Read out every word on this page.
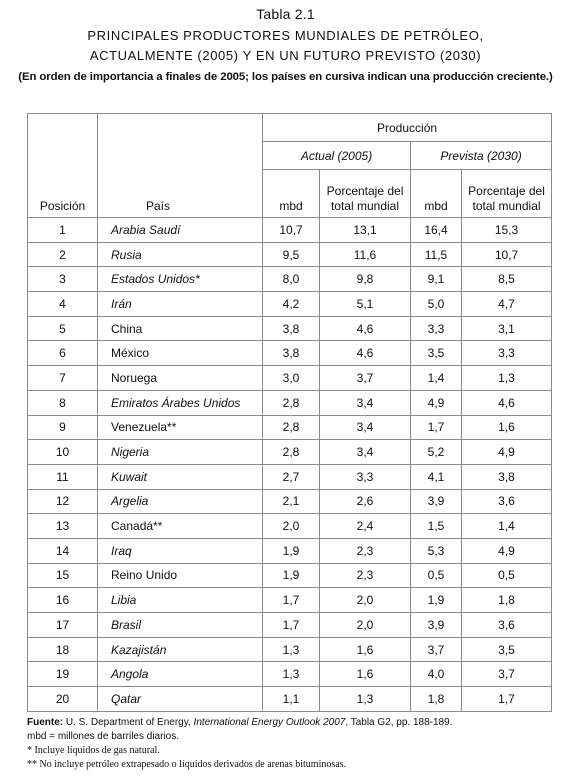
Tabla 2.1
PRINCIPALES PRODUCTORES MUNDIALES DE PETRÓLEO,
ACTUALMENTE (2005) Y EN UN FUTURO PREVISTO (2030)
(En orden de importancia a finales de 2005; los países en cursiva indican una producción creciente.)
Posición	País	Producción			
		Actual (2005)		Prevista (2030)	
		mbd	Porcentaje del total mundial	mbd	Porcentaje del total mundial
1	Arabia Saudí	10,7	13,1	16,4	15,3
2	Rusia	9,5	11,6	11,5	10,7
3	Estados Unidos*	8,0	9,8	9,1	8,5
4	Irán	4,2	5,1	5,0	4,7
5	China	3,8	4,6	3,3	3,1
6	México	3,8	4,6	3,5	3,3
7	Noruega	3,0	3,7	1,4	1,3
8	Emiratos Árabes Unidos	2,8	3,4	4,9	4,6
9	Venezuela**	2,8	3,4	1,7	1,6
10	Nigeria	2,8	3,4	5,2	4,9
11	Kuwait	2,7	3,3	4,1	3,8
12	Argelia	2,1	2,6	3,9	3,6
13	Canadá**	2,0	2,4	1,5	1,4
14	Iraq	1,9	2,3	5,3	4,9
15	Reino Unido	1,9	2,3	0,5	0,5
16	Libia	1,7	2,0	1,9	1,8
17	Brasil	1,7	2,0	3,9	3,6
18	Kazajistán	1,3	1,6	3,7	3,5
19	Angola	1,3	1,6	4,0	3,7
20	Qatar	1,1	1,3	1,8	1,7
Fuente: U. S. Department of Energy, International Energy Outlook 2007, Tabla G2, pp. 188-189.
mbd = millones de barriles diarios.
* Incluye líquidos de gas natural.
** No incluye petróleo extrapesado o líquidos derivados de arenas bituminosas.
